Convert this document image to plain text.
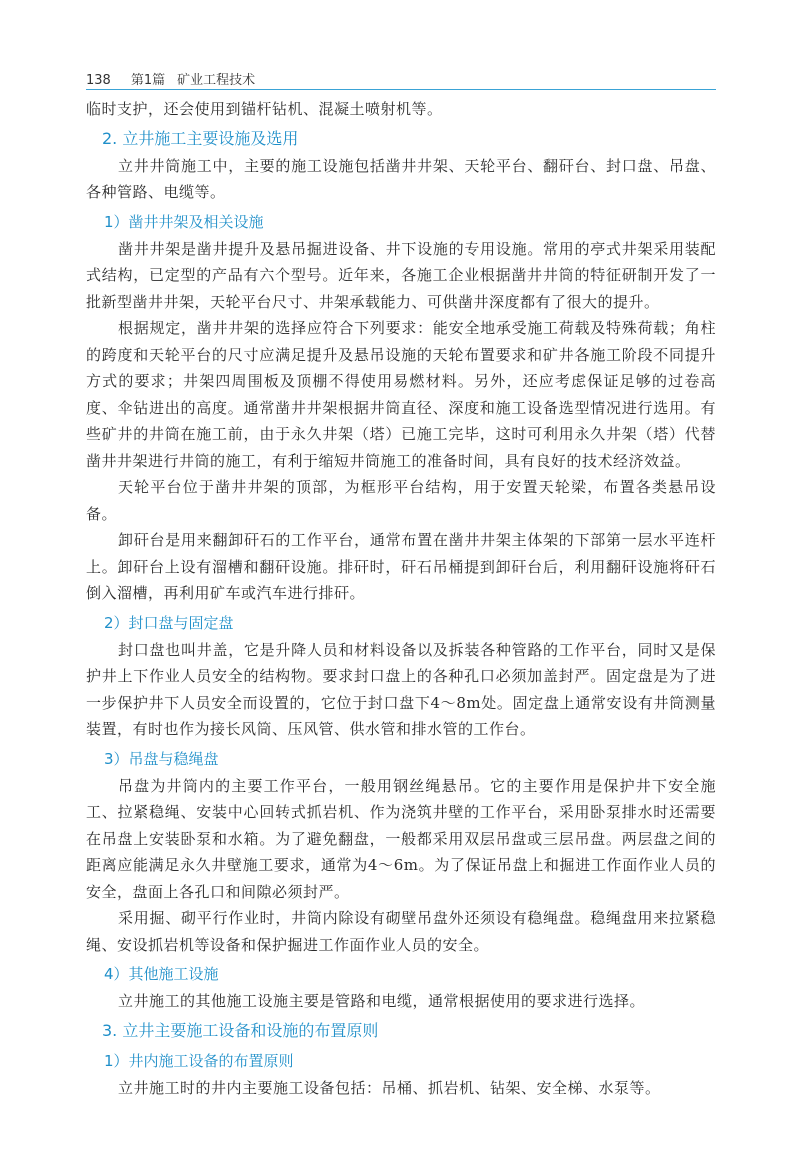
138 第1篇 矿业工程技术
临时支护，还会使用到锚杆钻机、混凝土喷射机等。
2. 立井施工主要设施及选用
立井井筒施工中，主要的施工设施包括凿井井架、天轮平台、翻矸台、封口盘、吊盘、各种管路、电缆等。
1）凿井井架及相关设施
凿井井架是凿井提升及悬吊掘进设备、井下设施的专用设施。常用的亭式井架采用装配式结构，已定型的产品有六个型号。近年来，各施工企业根据凿井井筒的特征研制开发了一批新型凿井井架，天轮平台尺寸、井架承载能力、可供凿井深度都有了很大的提升。
根据规定，凿井井架的选择应符合下列要求：能安全地承受施工荷载及特殊荷载；角柱的跨度和天轮平台的尺寸应满足提升及悬吊设施的天轮布置要求和矿井各施工阶段不同提升方式的要求；井架四周围板及顶棚不得使用易燃材料。另外，还应考虑保证足够的过卷高度、伞钻进出的高度。通常凿井井架根据井筒直径、深度和施工设备选型情况进行选用。有些矿井的井筒在施工前，由于永久井架（塔）已施工完毕，这时可利用永久井架（塔）代替凿井井架进行井筒的施工，有利于缩短井筒施工的准备时间，具有良好的技术经济效益。
天轮平台位于凿井井架的顶部，为框形平台结构，用于安置天轮梁，布置各类悬吊设备。
卸矸台是用来翻卸矸石的工作平台，通常布置在凿井井架主体架的下部第一层水平连杆上。卸矸台上设有溜槽和翻矸设施。排矸时，矸石吊桶提到卸矸台后，利用翻矸设施将矸石倒入溜槽，再利用矿车或汽车进行排矸。
2）封口盘与固定盘
封口盘也叫井盖，它是升降人员和材料设备以及拆装各种管路的工作平台，同时又是保护井上下作业人员安全的结构物。要求封口盘上的各种孔口必须加盖封严。固定盘是为了进一步保护井下人员安全而设置的，它位于封口盘下4～8m处。固定盘上通常安设有井筒测量装置，有时也作为接长风筒、压风管、供水管和排水管的工作台。
3）吊盘与稳绳盘
吊盘为井筒内的主要工作平台，一般用钢丝绳悬吊。它的主要作用是保护井下安全施工、拉紧稳绳、安装中心回转式抓岩机、作为浇筑井壁的工作平台，采用卧泵排水时还需要在吊盘上安装卧泵和水箱。为了避免翻盘，一般都采用双层吊盘或三层吊盘。两层盘之间的距离应能满足永久井壁施工要求，通常为4～6m。为了保证吊盘上和掘进工作面作业人员的安全，盘面上各孔口和间隙必须封严。
采用掘、砌平行作业时，井筒内除设有砌壁吊盘外还须设有稳绳盘。稳绳盘用来拉紧稳绳、安设抓岩机等设备和保护掘进工作面作业人员的安全。
4）其他施工设施
立井施工的其他施工设施主要是管路和电缆，通常根据使用的要求进行选择。
3. 立井主要施工设备和设施的布置原则
1）井内施工设备的布置原则
立井施工时的井内主要施工设备包括：吊桶、抓岩机、钻架、安全梯、水泵等。
